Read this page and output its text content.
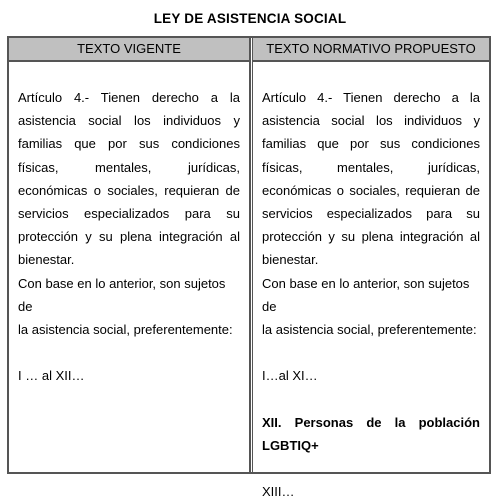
LEY DE ASISTENCIA SOCIAL
TEXTO VIGENTE

Artículo 4.- Tienen derecho a la

asistencia social los individuos y

familias que por sus condiciones

físicas, mentales, jurídicas,

económicas o sociales, requieran de

servicios especializados para su

protección y su plena integración al

bienestar.

Con base en lo anterior, son sujetos de

la asistencia social, preferentemente:

I … al XII…

TEXTO NORMATIVO PROPUESTO

Artículo 4.- Tienen derecho a la

asistencia social los individuos y

familias que por sus condiciones

físicas, mentales, jurídicas,

económicas o sociales, requieran de

servicios especializados para su

protección y su plena integración al

bienestar.

Con base en lo anterior, son sujetos de

la asistencia social, preferentemente:

I…al XI…

XII. Personas de la población

LGBTIQ+

XIII…
